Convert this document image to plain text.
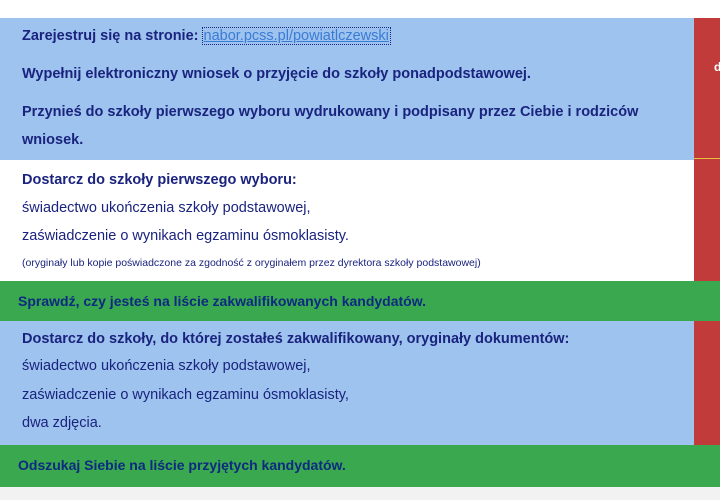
Zarejestruj się na stronie: nabor.pcss.pl/powiatlczewski
Wypełnij elektroniczny wniosek o przyjęcie do szkoły ponadpodstawowej.
Przynieś do szkoły pierwszego wyboru wydrukowany i podpisany przez Ciebie i rodziców
wniosek.
Dostarcz do szkoły pierwszego wyboru:
świadectwo ukończenia szkoły podstawowej,
zaświadczenie o wynikach egzaminu ósmoklasisty.
(oryginały lub kopie poświadczone za zgodność z oryginałem przez dyrektora szkoły podstawowej)
Sprawdź, czy jesteś na liście zakwalifikowanych kandydatów.
Dostarcz do szkoły, do której zostałeś zakwalifikowany, oryginały dokumentów:
świadectwo ukończenia szkoły podstawowej,
zaświadczenie o wynikach egzaminu ósmoklasisty,
dwa zdjęcia.
Odszukaj Siebie na liście przyjętych kandydatów.
d
